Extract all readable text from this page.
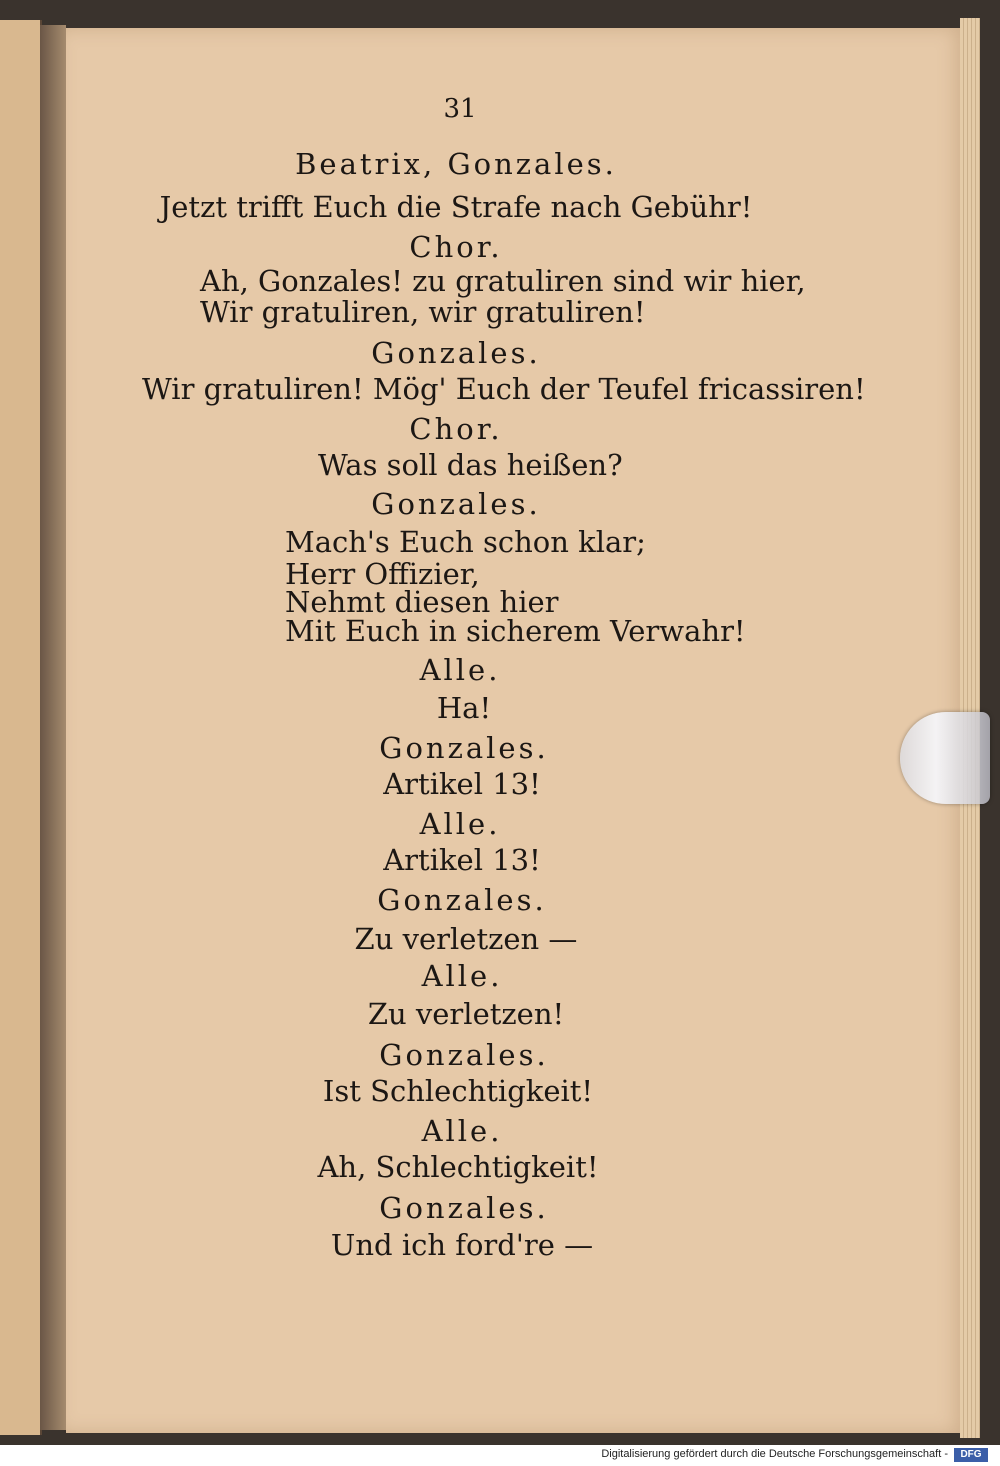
31
Beatrix, Gonzales.
Jetzt trifft Euch die Strafe nach Gebühr!
Chor.
Ah, Gonzales! zu gratuliren sind wir hier,
Wir gratuliren, wir gratuliren!
Gonzales.
Wir gratuliren! Mög' Euch der Teufel fricassiren!
Chor.
Was soll das heißen?
Gonzales.
Mach's Euch schon klar;
Herr Offizier,
Nehmt diesen hier
Mit Euch in sicherem Verwahr!
Alle.
Ha!
Gonzales.
Artikel 13!
Alle.
Artikel 13!
Gonzales.
Zu verletzen —
Alle.
Zu verletzen!
Gonzales.
Ist Schlechtigkeit!
Alle.
Ah, Schlechtigkeit!
Gonzales.
Und ich ford're —
Digitalisierung gefördert durch die Deutsche Forschungsgemeinschaft -	DFG
